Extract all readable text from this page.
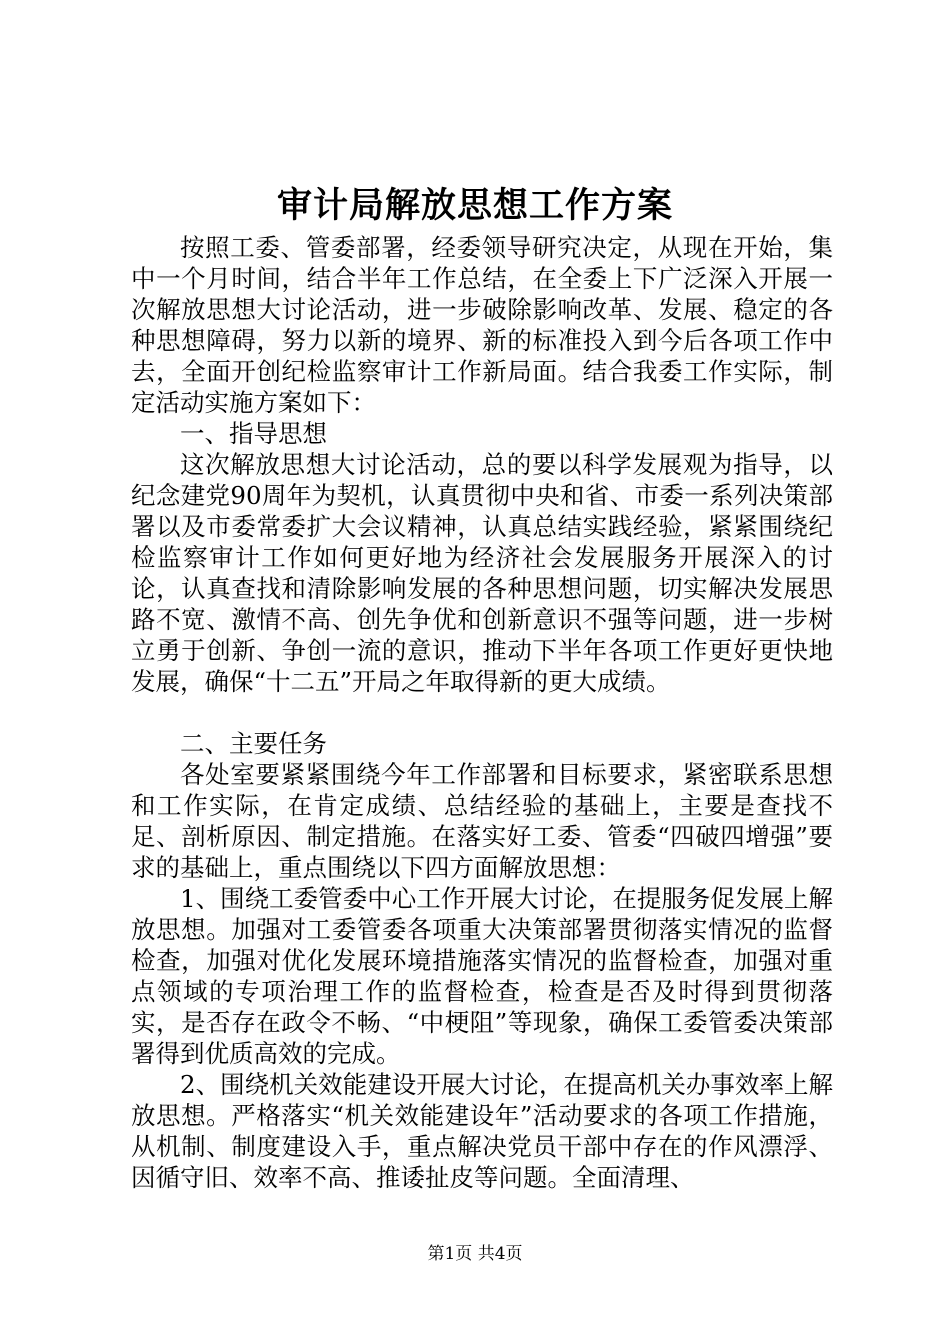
审计局解放思想工作方案

按照工委、管委部署，经委领导研究决定，从现在开始，集中一个月时间，结合半年工作总结，在全委上下广泛深入开展一次解放思想大讨论活动，进一步破除影响改革、发展、稳定的各种思想障碍，努力以新的境界、新的标准投入到今后各项工作中去，全面开创纪检监察审计工作新局面。结合我委工作实际，制定活动实施方案如下：

一、指导思想

这次解放思想大讨论活动，总的要以科学发展观为指导，以纪念建党90周年为契机，认真贯彻中央和省、市委一系列决策部署以及市委常委扩大会议精神，认真总结实践经验，紧紧围绕纪检监察审计工作如何更好地为经济社会发展服务开展深入的讨论，认真查找和清除影响发展的各种思想问题，切实解决发展思路不宽、激情不高、创先争优和创新意识不强等问题，进一步树立勇于创新、争创一流的意识，推动下半年各项工作更好更快地发展，确保“十二五”开局之年取得新的更大成绩。

二、主要任务

各处室要紧紧围绕今年工作部署和目标要求，紧密联系思想和工作实际，在肯定成绩、总结经验的基础上，主要是查找不足、剖析原因、制定措施。在落实好工委、管委“四破四增强”要求的基础上，重点围绕以下四方面解放思想：

1、围绕工委管委中心工作开展大讨论，在提服务促发展上解放思想。加强对工委管委各项重大决策部署贯彻落实情况的监督检查，加强对优化发展环境措施落实情况的监督检查，加强对重点领域的专项治理工作的监督检查，检查是否及时得到贯彻落实，是否存在政令不畅、“中梗阻”等现象，确保工委管委决策部署得到优质高效的完成。

2、围绕机关效能建设开展大讨论，在提高机关办事效率上解放思想。严格落实“机关效能建设年”活动要求的各项工作措施，从机制、制度建设入手，重点解决党员干部中存在的作风漂浮、因循守旧、效率不高、推诿扯皮等问题。全面清理、

第1页 共4页
